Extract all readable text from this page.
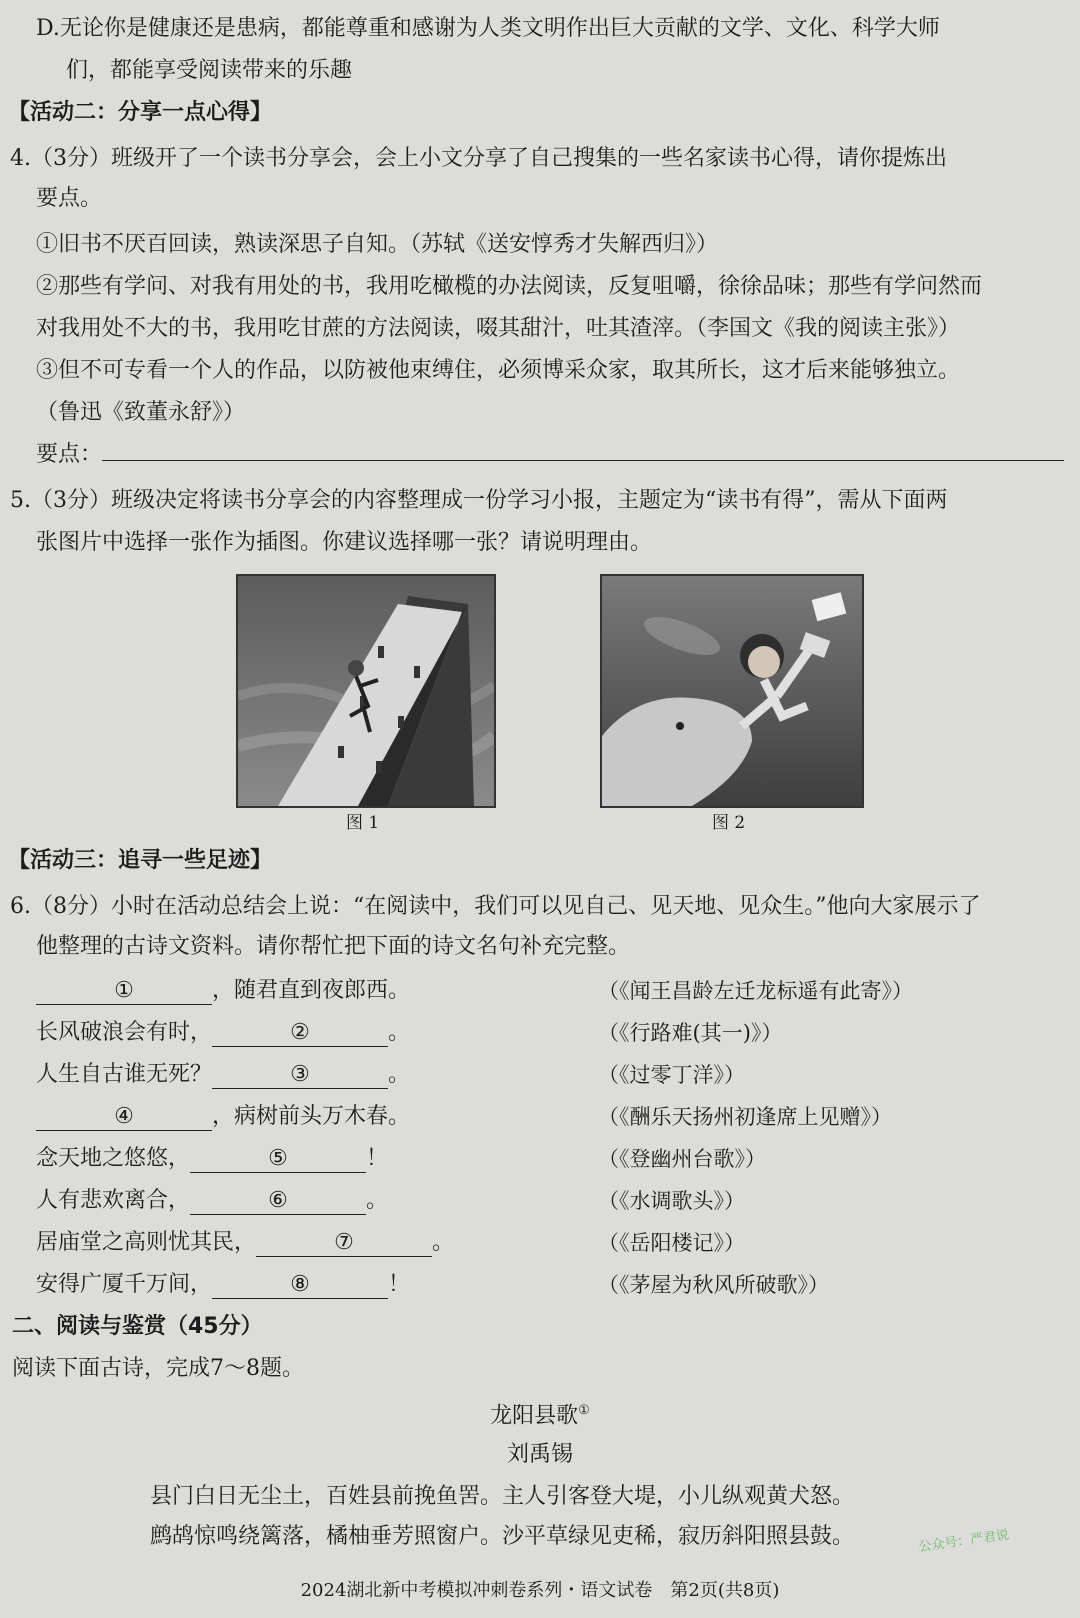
D.无论你是健康还是患病，都能尊重和感谢为人类文明作出巨大贡献的文学、文化、科学大师
们，都能享受阅读带来的乐趣
【活动二：分享一点心得】
4.（3分）班级开了一个读书分享会，会上小文分享了自己搜集的一些名家读书心得，请你提炼出
要点。
①旧书不厌百回读，熟读深思子自知。（苏轼《送安惇秀才失解西归》）
②那些有学问、对我有用处的书，我用吃橄榄的办法阅读，反复咀嚼，徐徐品味；那些有学问然而
对我用处不大的书，我用吃甘蔗的方法阅读，啜其甜汁，吐其渣滓。（李国文《我的阅读主张》）
③但不可专看一个人的作品，以防被他束缚住，必须博采众家，取其所长，这才后来能够独立。
（鲁迅《致董永舒》）
要点：
5.（3分）班级决定将读书分享会的内容整理成一份学习小报，主题定为“读书有得”，需从下面两
张图片中选择一张作为插图。你建议选择哪一张？请说明理由。
图 1	图 2
【活动三：追寻一些足迹】
6.（8分）小时在活动总结会上说：“在阅读中，我们可以见自己、见天地、见众生。”他向大家展示了
他整理的古诗文资料。请你帮忙把下面的诗文名句补充完整。
①	，随君直到夜郎西。	（《闻王昌龄左迁龙标遥有此寄》）
长风破浪会有时，	②	。	（《行路难(其一)》）
人生自古谁无死？	③	。	（《过零丁洋》）
④	，病树前头万木春。	（《酬乐天扬州初逢席上见赠》）
念天地之悠悠，	⑤	！	（《登幽州台歌》）
人有悲欢离合，	⑥	。	（《水调歌头》）
居庙堂之高则忧其民，	⑦	。	（《岳阳楼记》）
安得广厦千万间，	⑧	！	（《茅屋为秋风所破歌》）
二、阅读与鉴赏（45分）
阅读下面古诗，完成7～8题。
龙阳县歌①
刘禹锡
县门白日无尘土，百姓县前挽鱼罟。主人引客登大堤，小儿纵观黄犬怒。
鹧鸪惊鸣绕篱落，橘柚垂芳照窗户。沙平草绿见吏稀，寂历斜阳照县鼓。	公众号：严君说
2024湖北新中考模拟冲刺卷系列・语文试卷　第2页(共8页)
